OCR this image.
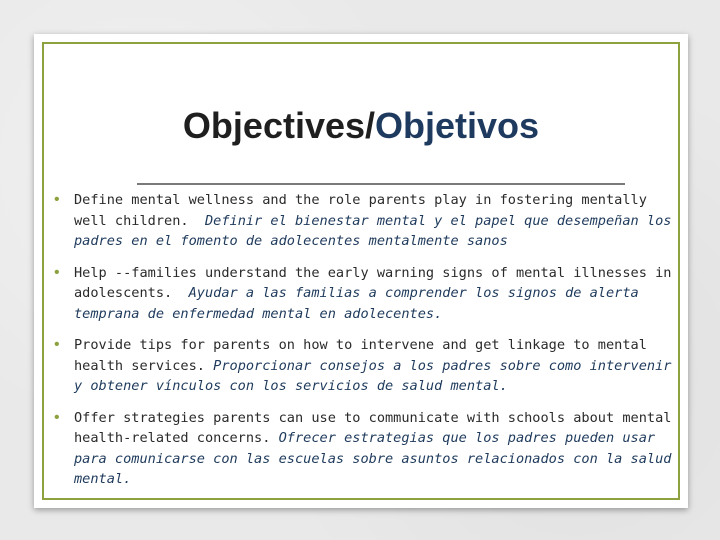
Objectives/Objetivos
• Define mental wellness and the role parents play in fostering mentally well children. Definir el bienestar mental y el papel que desempeñan los padres en el fomento de adolecentes mentalmente sanos
• Help --families understand the early warning signs of mental illnesses in adolescents. Ayudar a las familias a comprender los signos de alerta temprana de enfermedad mental en adolecentes.
• Provide tips for parents on how to intervene and get linkage to mental health services. Proporcionar consejos a los padres sobre como intervenir y obtener vínculos con los servicios de salud mental.
• Offer strategies parents can use to communicate with schools about mental health-related concerns. Ofrecer estrategias que los padres pueden usar para comunicarse con las escuelas sobre asuntos relacionados con la salud mental.
